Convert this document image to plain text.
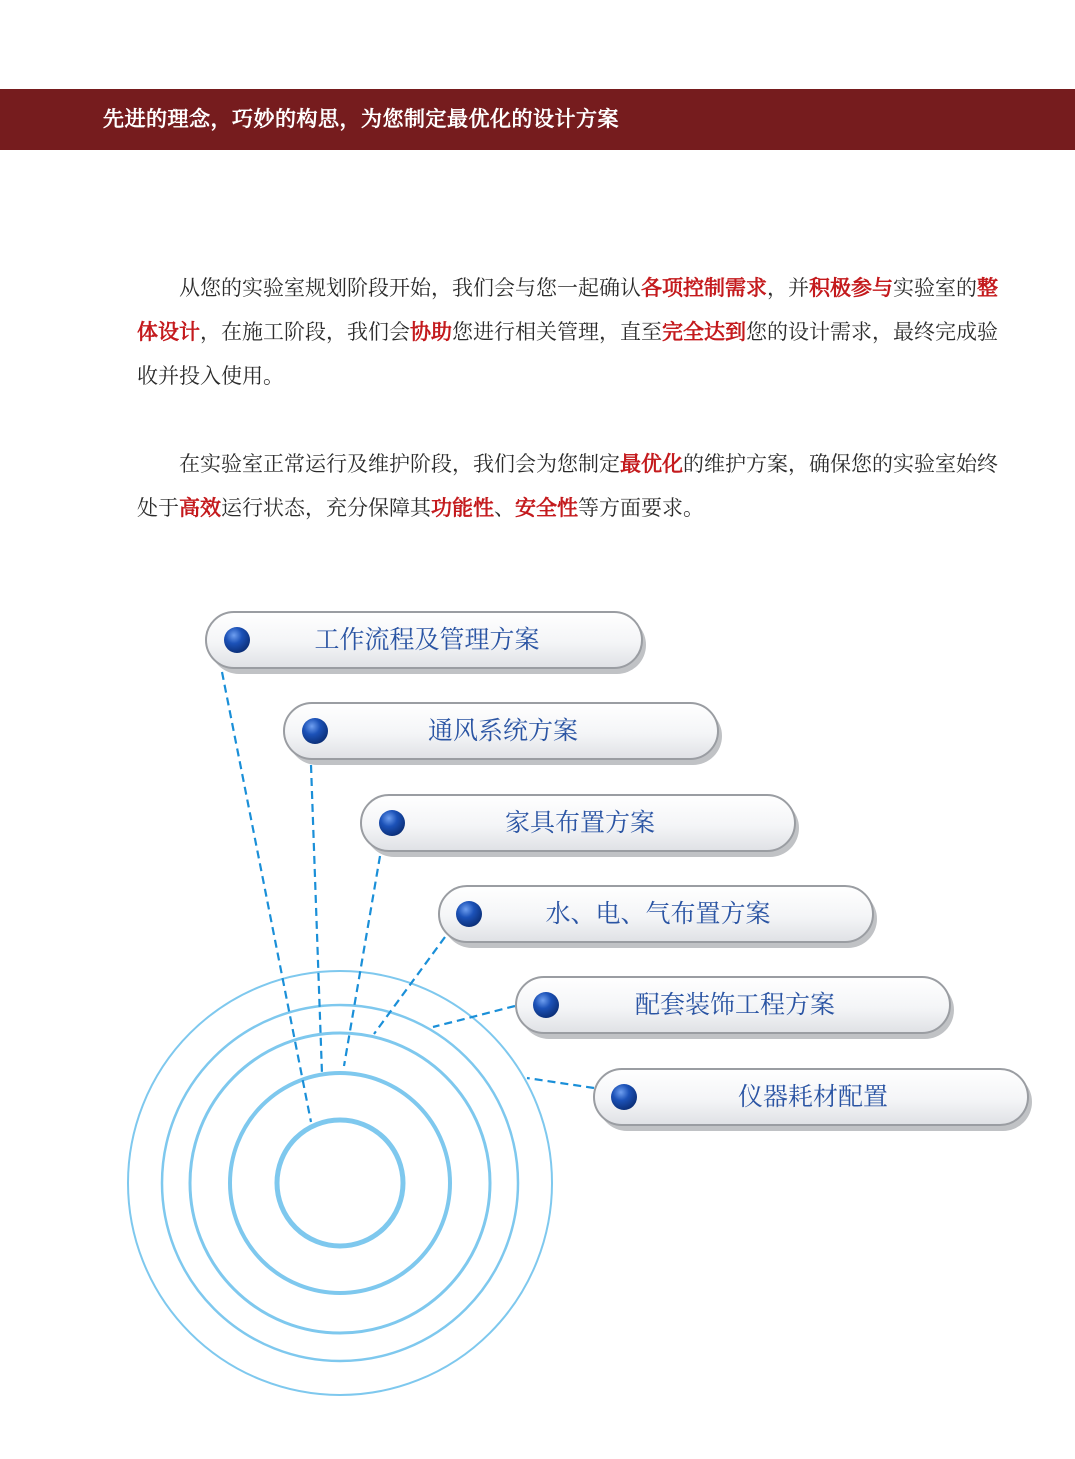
先进的理念，巧妙的构思，为您制定最优化的设计方案

从您的实验室规划阶段开始，我们会与您一起确认各项控制需求，并积极参与实验室的整体设计，在施工阶段，我们会协助您进行相关管理，直至完全达到您的设计需求，最终完成验收并投入使用。

在实验室正常运行及维护阶段，我们会为您制定最优化的维护方案，确保您的实验室始终处于高效运行状态，充分保障其功能性、安全性等方面要求。

工作流程及管理方案
通风系统方案
家具布置方案
水、电、气布置方案
配套装饰工程方案
仪器耗材配置
